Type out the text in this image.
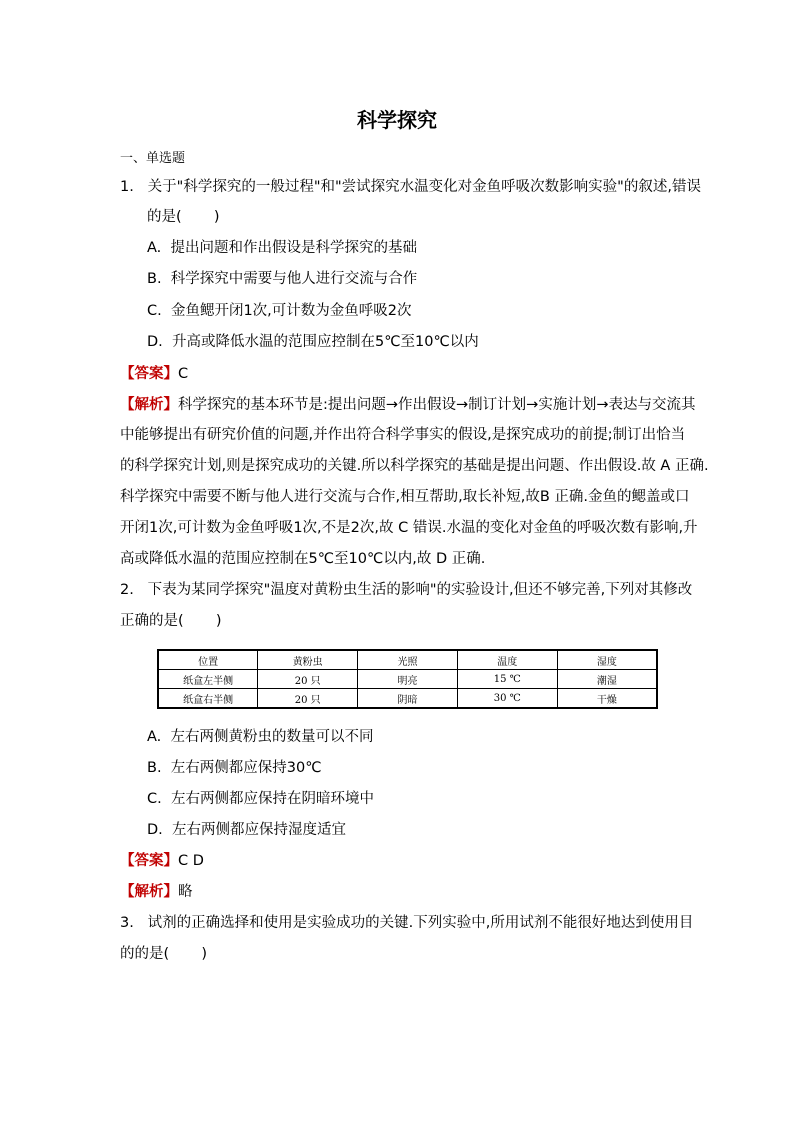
科学探究
一、单选题
1.   关于"科学探究的一般过程"和"尝试探究水温变化对金鱼呼吸次数影响实验"的叙述,错误
的是(       )
A.  提出问题和作出假设是科学探究的基础
B.  科学探究中需要与他人进行交流与合作
C.  金鱼鳃开闭1次,可计数为金鱼呼吸2次
D.  升高或降低水温的范围应控制在5℃至10℃以内
【答案】C
【解析】科学探究的基本环节是:提出问题→作出假设→制订计划→实施计划→表达与交流其
中能够提出有研究价值的问题,并作出符合科学事实的假设,是探究成功的前提;制订出恰当
的科学探究计划,则是探究成功的关键.所以科学探究的基础是提出问题、作出假设.故 A 正确.
科学探究中需要不断与他人进行交流与合作,相互帮助,取长补短,故B 正确.金鱼的鳃盖或口
开闭1次,可计数为金鱼呼吸1次,不是2次,故 C 错误.水温的变化对金鱼的呼吸次数有影响,升
高或降低水温的范围应控制在5℃至10℃以内,故 D 正确.
2.   下表为某同学探究"温度对黄粉虫生活的影响"的实验设计,但还不够完善,下列对其修改
正确的是(       )
位置	黄粉虫	光照	温度	湿度
纸盒左半侧	20 只	明亮	15 ℃	潮湿
纸盒右半侧	20 只	阴暗	30 ℃	干燥
A.  左右两侧黄粉虫的数量可以不同
B.  左右两侧都应保持30℃
C.  左右两侧都应保持在阴暗环境中
D.  左右两侧都应保持湿度适宜
【答案】C D
【解析】略
3.   试剂的正确选择和使用是实验成功的关键.下列实验中,所用试剂不能很好地达到使用目
的的是(       )
